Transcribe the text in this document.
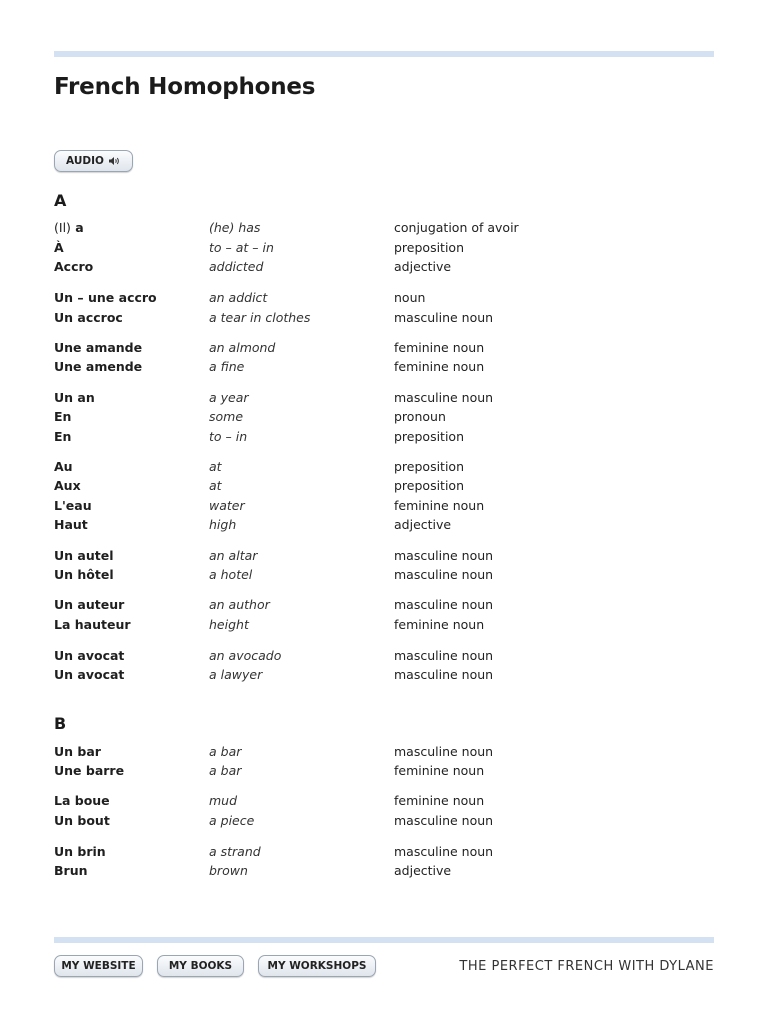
French Homophones
AUDIO
A
(Il) a	(he) has	conjugation of avoir
À	to – at – in	preposition
Accro	addicted	adjective
Un – une accro	an addict	noun
Un accroc	a tear in clothes	masculine noun
Une amande	an almond	feminine noun
Une amende	a fine	feminine noun
Un an	a year	masculine noun
En	some	pronoun
En	to – in	preposition
Au	at	preposition
Aux	at	preposition
L'eau	water	feminine noun
Haut	high	adjective
Un autel	an altar	masculine noun
Un hôtel	a hotel	masculine noun
Un auteur	an author	masculine noun
La hauteur	height	feminine noun
Un avocat	an avocado	masculine noun
Un avocat	a lawyer	masculine noun
B
Un bar	a bar	masculine noun
Une barre	a bar	feminine noun
La boue	mud	feminine noun
Un bout	a piece	masculine noun
Un brin	a strand	masculine noun
Brun	brown	adjective
MY WEBSITE	MY BOOKS	MY WORKSHOPS	THE PERFECT FRENCH WITH DYLANE
